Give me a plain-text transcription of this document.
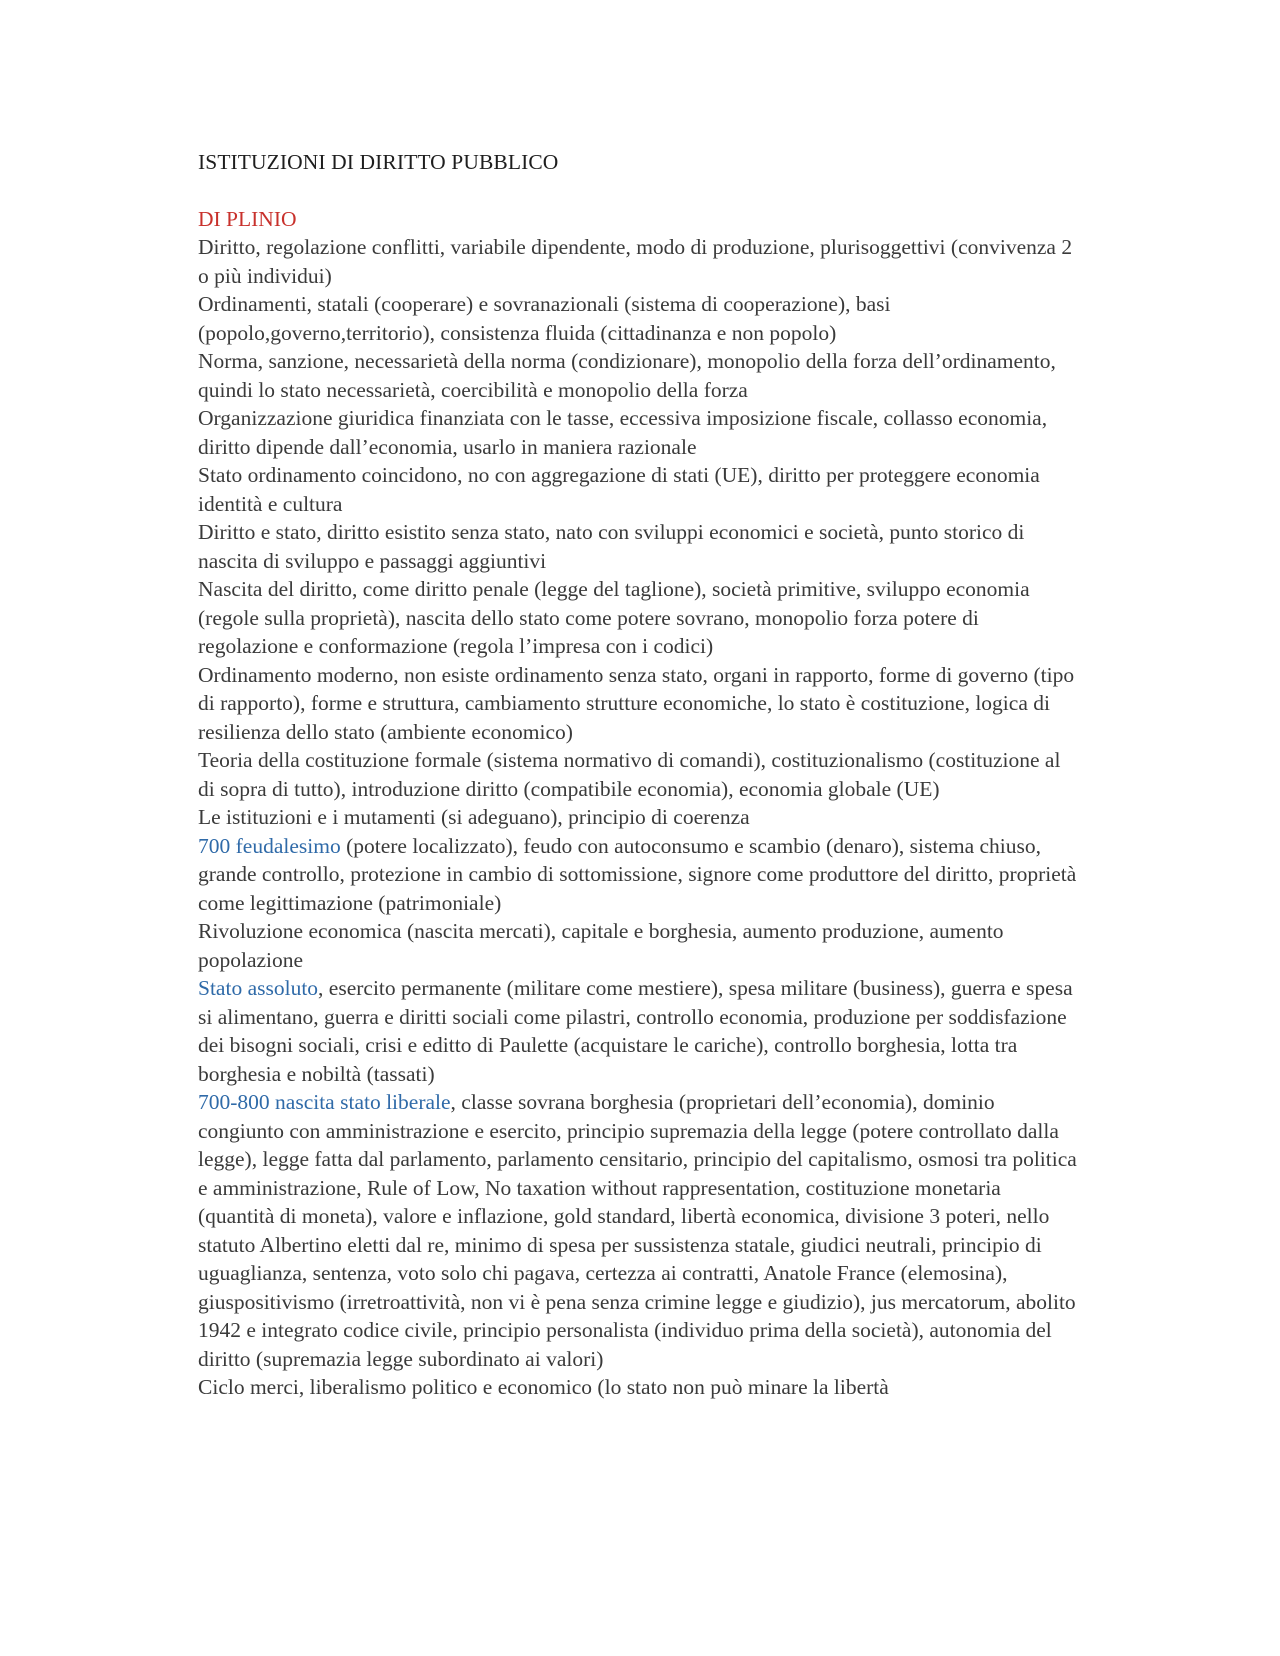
ISTITUZIONI DI DIRITTO PUBBLICO
DI PLINIO

Diritto, regolazione conflitti, variabile dipendente, modo di produzione, plurisoggettivi (convivenza 2 o più individui)

Ordinamenti, statali (cooperare) e sovranazionali (sistema di cooperazione), basi (popolo,governo,territorio), consistenza fluida (cittadinanza e non popolo)

Norma, sanzione, necessarietà della norma (condizionare), monopolio della forza dell’ordinamento, quindi lo stato necessarietà, coercibilità e monopolio della forza

Organizzazione giuridica finanziata con le tasse, eccessiva imposizione fiscale, collasso economia, diritto dipende dall’economia, usarlo in maniera razionale

Stato ordinamento coincidono, no con aggregazione di stati (UE), diritto per proteggere economia identità e cultura

Diritto e stato, diritto esistito senza stato, nato con sviluppi economici e società, punto storico di nascita di sviluppo e passaggi aggiuntivi

Nascita del diritto, come diritto penale (legge del taglione), società primitive, sviluppo economia (regole sulla proprietà), nascita dello stato come potere sovrano, monopolio forza potere di regolazione e conformazione (regola l’impresa con i codici)

Ordinamento moderno, non esiste ordinamento senza stato, organi in rapporto, forme di governo (tipo di rapporto), forme e struttura, cambiamento strutture economiche, lo stato è costituzione, logica di resilienza dello stato (ambiente economico)

Teoria della costituzione formale (sistema normativo di comandi), costituzionalismo (costituzione al di sopra di tutto), introduzione diritto (compatibile economia), economia globale (UE)

Le istituzioni e i mutamenti (si adeguano), principio di coerenza

700 feudalesimo (potere localizzato), feudo con autoconsumo e scambio (denaro), sistema chiuso, grande controllo, protezione in cambio di sottomissione, signore come produttore del diritto, proprietà come legittimazione (patrimoniale)

Rivoluzione economica (nascita mercati), capitale e borghesia, aumento produzione, aumento popolazione

Stato assoluto, esercito permanente (militare come mestiere), spesa militare (business), guerra e spesa si alimentano, guerra e diritti sociali come pilastri, controllo economia, produzione per soddisfazione dei bisogni sociali, crisi e editto di Paulette (acquistare le cariche), controllo borghesia, lotta tra borghesia e nobiltà (tassati)

700-800 nascita stato liberale, classe sovrana borghesia (proprietari dell’economia), dominio congiunto con amministrazione e esercito, principio supremazia della legge (potere controllato dalla legge), legge fatta dal parlamento, parlamento censitario, principio del capitalismo, osmosi tra politica e amministrazione, Rule of Low, No taxation without rappresentation, costituzione monetaria (quantità di moneta), valore e inflazione, gold standard, libertà economica, divisione 3 poteri, nello statuto Albertino eletti dal re, minimo di spesa per sussistenza statale, giudici neutrali, principio di uguaglianza, sentenza, voto solo chi pagava, certezza ai contratti, Anatole France (elemosina), giuspositivismo (irretroattività, non vi è pena senza crimine legge e giudizio), jus mercatorum, abolito 1942 e integrato codice civile, principio personalista (individuo prima della società), autonomia del diritto (supremazia legge subordinato ai valori)

Ciclo merci, liberalismo politico e economico (lo stato non può minare la libertà
